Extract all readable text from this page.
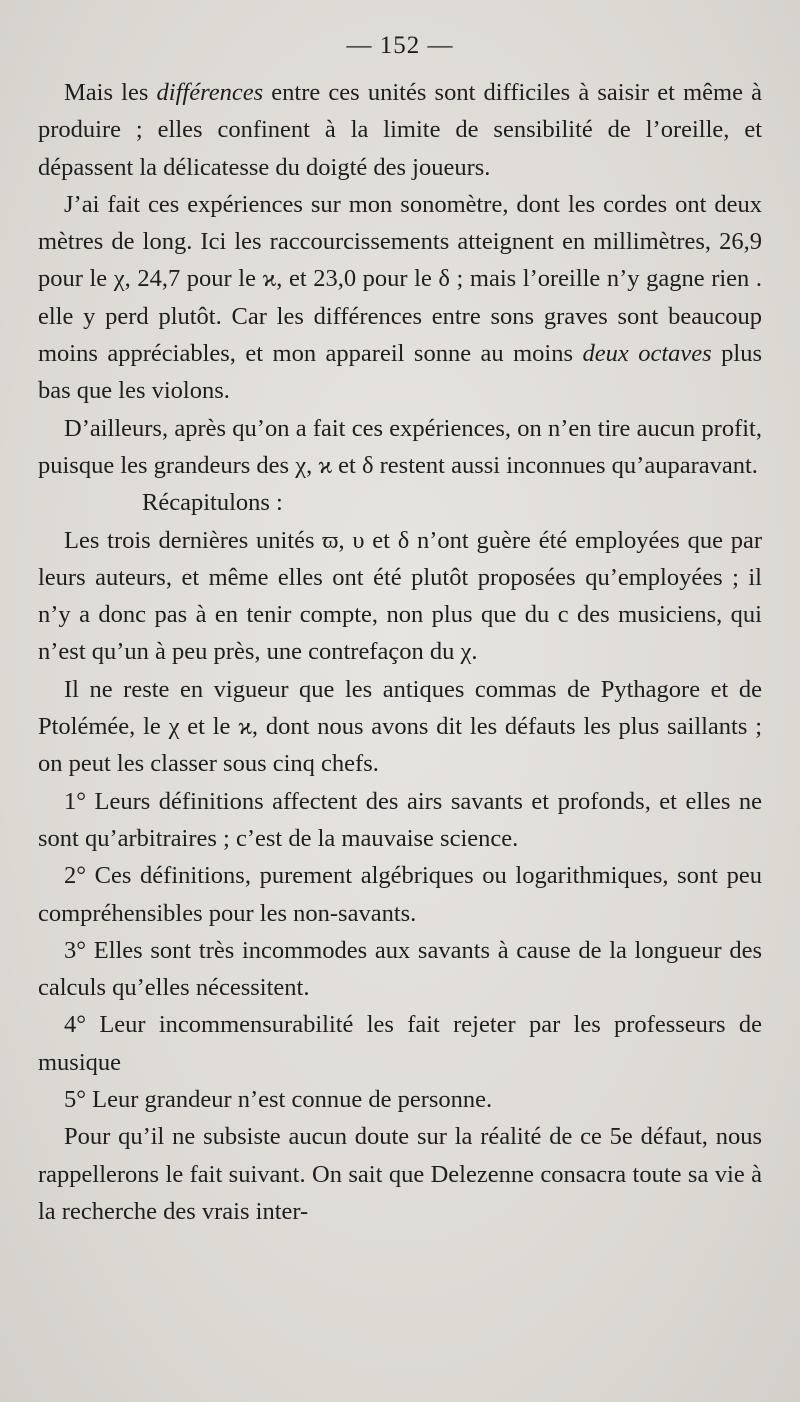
— 152 —

Mais les différences entre ces unités sont difficiles à saisir et même à produire ; elles confinent à la limite de sensibilité de l’oreille, et dépassent la délicatesse du doigté des joueurs.

J’ai fait ces expériences sur mon sonomètre, dont les cordes ont deux mètres de long. Ici les raccourcissements atteignent en millimètres, 26,9 pour le χ, 24,7 pour le ϰ, et 23,0 pour le δ ; mais l’oreille n’y gagne rien . elle y perd plutôt. Car les différences entre sons graves sont beaucoup moins appréciables, et mon appareil sonne au moins deux octaves plus bas que les violons.

D’ailleurs, après qu’on a fait ces expériences, on n’en tire aucun profit, puisque les grandeurs des χ, ϰ et δ restent aussi inconnues qu’auparavant.

Récapitulons :

Les trois dernières unités ϖ, υ et δ n’ont guère été employées que par leurs auteurs, et même elles ont été plutôt proposées qu’employées ; il n’y a donc pas à en tenir compte, non plus que du c des musiciens, qui n’est qu’un à peu près, une contrefaçon du χ.

Il ne reste en vigueur que les antiques commas de Pythagore et de Ptolémée, le χ et le ϰ, dont nous avons dit les défauts les plus saillants ; on peut les classer sous cinq chefs.

1° Leurs définitions affectent des airs savants et profonds, et elles ne sont qu’arbitraires ; c’est de la mauvaise science.

2° Ces définitions, purement algébriques ou logarithmiques, sont peu compréhensibles pour les non-savants.

3° Elles sont très incommodes aux savants à cause de la longueur des calculs qu’elles nécessitent.

4° Leur incommensurabilité les fait rejeter par les professeurs de musique

5° Leur grandeur n’est connue de personne.

Pour qu’il ne subsiste aucun doute sur la réalité de ce 5e défaut, nous rappellerons le fait suivant. On sait que Delezenne consacra toute sa vie à la recherche des vrais inter-
